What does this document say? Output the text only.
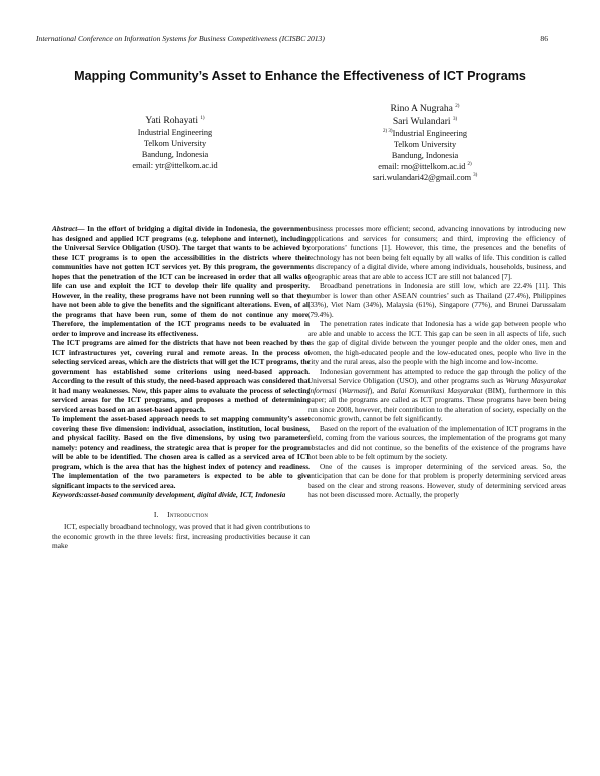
International Conference on Information Systems for Business Competitiveness (ICISBC 2013)	86
Mapping Community’s Asset to Enhance the Effectiveness of ICT Programs
Yati Rohayati $^{1)}$
Industrial Engineering
Telkom University
Bandung, Indonesia
email: ytr@ittelkom.ac.id
Rino A Nugraha $^{2)}$
Sari Wulandari $^{3)}$
$^{2) 3)}$Industrial Engineering
Telkom University
Bandung, Indonesia
email: rno@ittelkom.ac.id $^{2)}$
sari.wulandari42@gmail.com $^{3)}$

Abstract— In the effort of bridging a digital divide in Indonesia, the government has designed and applied ICT programs (e.g. telephone and internet), including the Universal Service Obligation (USO). The target that wants to be achieved by these ICT programs is to open the accessibilities in the districts where their communities have not gotten ICT services yet. By this program, the government hopes that the penetration of the ICT can be increased in order that all walks of life can use and exploit the ICT to develop their life quality and prosperity. However, in the reality, these programs have not been running well so that they have not been able to give the benefits and the significant alterations. Even, of all the programs that have been run, some of them do not continue any more. Therefore, the implementation of the ICT programs needs to be evaluated in order to improve and increase its effectiveness.

The ICT programs are aimed for the districts that have not been reached by the ICT infrastructures yet, covering rural and remote areas. In the process of selecting serviced areas, which are the districts that will get the ICT programs, the government has established some criterions using need-based approach. According to the result of this study, the need-based approach was considered that it had many weaknesses. Now, this paper aims to evaluate the process of selecting serviced areas for the ICT programs, and proposes a method of determining serviced areas based on an asset-based approach.

To implement the asset-based approach needs to set mapping community’s asset covering these five dimension: individual, association, institution, local business, and physical facility. Based on the five dimensions, by using two parameters namely: potency and readiness, the strategic area that is proper for the program will be able to be identified. The chosen area is called as a serviced area of ICT program, which is the area that has the highest index of potency and readiness. The implementation of the two parameters is expected to be able to give significant impacts to the serviced area.

Keywords:asset-based community development, digital divide, ICT, Indonesia

I. Introduction

ICT, especially broadband technology, was proved that it had given contributions to the economic growth in the three levels: first, increasing productivities because it can make

business processes more efficient; second, advancing innovations by introducing new applications and services for consumers; and third, improving the efficiency of corporations’ functions [1]. However, this time, the presences and the benefits of technology has not been being felt equally by all walks of life. This condition is called as discrepancy of a digital divide, where among individuals, households, business, and geographic areas that are able to access ICT are still not balanced [7].

Broadband penetrations in Indonesia are still low, which are 22.4% [11]. This number is lower than other ASEAN countries’ such as Thailand (27.4%), Philippines (33%), Viet Nam (34%), Malaysia (61%), Singapore (77%), and Brunei Darussalam (79.4%).

The penetration rates indicate that Indonesia has a wide gap between people who are able and unable to access the ICT. This gap can be seen in all aspects of life, such as the gap of digital divide between the younger people and the older ones, men and women, the high-educated people and the low-educated ones, people who live in the city and the rural areas, also the people with the high income and low-income.

Indonesian government has attempted to reduce the gap through the policy of the Universal Service Obligation (USO), and other programs such as Warung Masyarakat Informasi (Warmasif), and Balai Komunikasi Masyarakat (BIM), furthermore in this paper; all the programs are called as ICT programs. These programs have been being run since 2008, however, their contribution to the alteration of society, especially on the economic growth, cannot be felt significantly.

Based on the report of the evaluation of the implementation of ICT programs in the field, coming from the various sources, the implementation of the programs got many obstacles and did not continue, so the benefits of the existence of the programs have not been able to be felt optimum by the society.

One of the causes is improper determining of the serviced areas. So, the anticipation that can be done for that problem is properly determining serviced areas based on the clear and strong reasons. However, study of determining serviced areas has not been discussed more. Actually, the properly
